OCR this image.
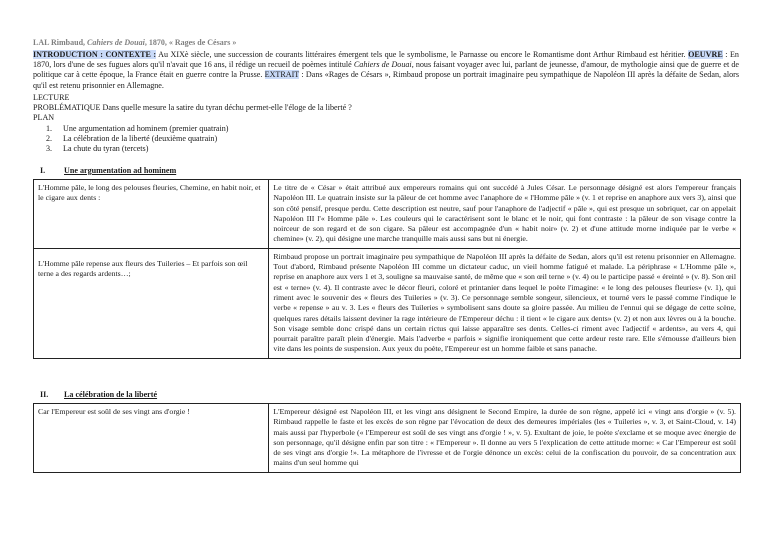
LAL Rimbaud, Cahiers de Douai, 1870, « Rages de Césars »
INTRODUCTION : CONTEXTE : Au XIXè siècle, une succession de courants littéraires émergent tels que le symbolisme, le Parnasse ou encore le Romantisme dont Arthur Rimbaud est héritier. OEUVRE : En 1870, lors d'une de ses fugues alors qu'il n'avait que 16 ans, il rédige un recueil de poèmes intitulé Cahiers de Douai, nous faisant voyager avec lui, parlant de jeunesse, d'amour, de mythologie ainsi que de guerre et de politique car à cette époque, la France était en guerre contre la Prusse. EXTRAIT : Dans «Rages de Césars », Rimbaud propose un portrait imaginaire peu sympathique de Napoléon III après la défaite de Sedan, alors qu'il est retenu prisonnier en Allemagne.
LECTURE
PROBLÉMATIQUE Dans quelle mesure la satire du tyran déchu permet-elle l'éloge de la liberté ?
PLAN
1. Une argumentation ad hominem (premier quatrain)
2. La célébration de la liberté (deuxième quatrain)
3. La chute du tyran (tercets)
I. Une argumentation ad hominem
L'Homme pâle, le long des pelouses fleuries, Chemine, en habit noir, et le cigare aux dents :	Le titre de « César » était attribué aux empereurs romains qui ont succédé à Jules César. Le personnage désigné est alors l'empereur français Napoléon III. Le quatrain insiste sur la pâleur de cet homme avec l'anaphore de « l'Homme pâle » (v. 1 et reprise en anaphore aux vers 3), ainsi que son côté pensif, presque perdu. Cette description est neutre, sauf pour l'anaphore de l'adjectif « pâle », qui est presque un sobriquet, car on appelait Napoléon III l'« Homme pâle ». Les couleurs qui le caractérisent sont le blanc et le noir, qui font contraste : la pâleur de son visage contre la noirceur de son regard et de son cigare. Sa pâleur est accompagnée d'un « habit noir» (v. 2) et d'une attitude morne indiquée par le verbe « chemine» (v. 2), qui désigne une marche tranquille mais aussi sans but ni énergie.
L'Homme pâle repense aux fleurs des Tuileries – Et parfois son œil terne a des regards ardents…;	Rimbaud propose un portrait imaginaire peu sympathique de Napoléon III après la défaite de Sedan, alors qu'il est retenu prisonnier en Allemagne. Tout d'abord, Rimbaud présente Napoléon III comme un dictateur caduc, un vieil homme fatigué et malade. La périphrase « L'Homme pâle », reprise en anaphore aux vers 1 et 3, souligne sa mauvaise santé, de même que « son œil terne » (v. 4) ou le participe passé « éreinté » (v. 8). Son œil est « terne» (v. 4). Il contraste avec le décor fleuri, coloré et printanier dans lequel le poète l'imagine: « le long des pelouses fleuries» (v. 1), qui riment avec le souvenir des « fleurs des Tuileries » (v. 3). Ce personnage semble songeur, silencieux, et tourné vers le passé comme l'indique le verbe « repense » au v. 3. Les « fleurs des Tuileries » symbolisent sans doute sa gloire passée. Au milieu de l'ennui qui se dégage de cette scène, quelques rares détails laissent deviner la rage intérieure de l'Empereur déchu : il tient « le cigare aux dents» (v. 2) et non aux lèvres ou à la bouche. Son visage semble donc crispé dans un certain rictus qui laisse apparaître ses dents. Celles-ci riment avec l'adjectif « ardents», au vers 4, qui pourrait paraître paraît plein d'énergie. Mais l'adverbe « parfois » signifie ironiquement que cette ardeur reste rare. Elle s'émousse d'ailleurs bien vite dans les points de suspension. Aux yeux du poète, l'Empereur est un homme faible et sans panache.
II. La célébration de la liberté
Car l'Empereur est soûl de ses vingt ans d'orgie !	L'Empereur désigné est Napoléon III, et les vingt ans désignent le Second Empire, la durée de son règne, appelé ici « vingt ans d'orgie » (v. 5). Rimbaud rappelle le faste et les excès de son règne par l'évocation de deux des demeures impériales (les « Tuileries », v. 3, et Saint-Cloud, v. 14) mais aussi par l'hyperbole (« l'Empereur est soûl de ses vingt ans d'orgie ! », v. 5). Exultant de joie, le poète s'exclame et se moque avec énergie de son personnage, qu'il désigne enfin par son titre : « l'Empereur ». Il donne au vers 5 l'explication de cette attitude morne: « Car l'Empereur est soûl de ses vingt ans d'orgie !». La métaphore de l'ivresse et de l'orgie dénonce un excès: celui de la confiscation du pouvoir, de sa concentration aux mains d'un seul homme qui
